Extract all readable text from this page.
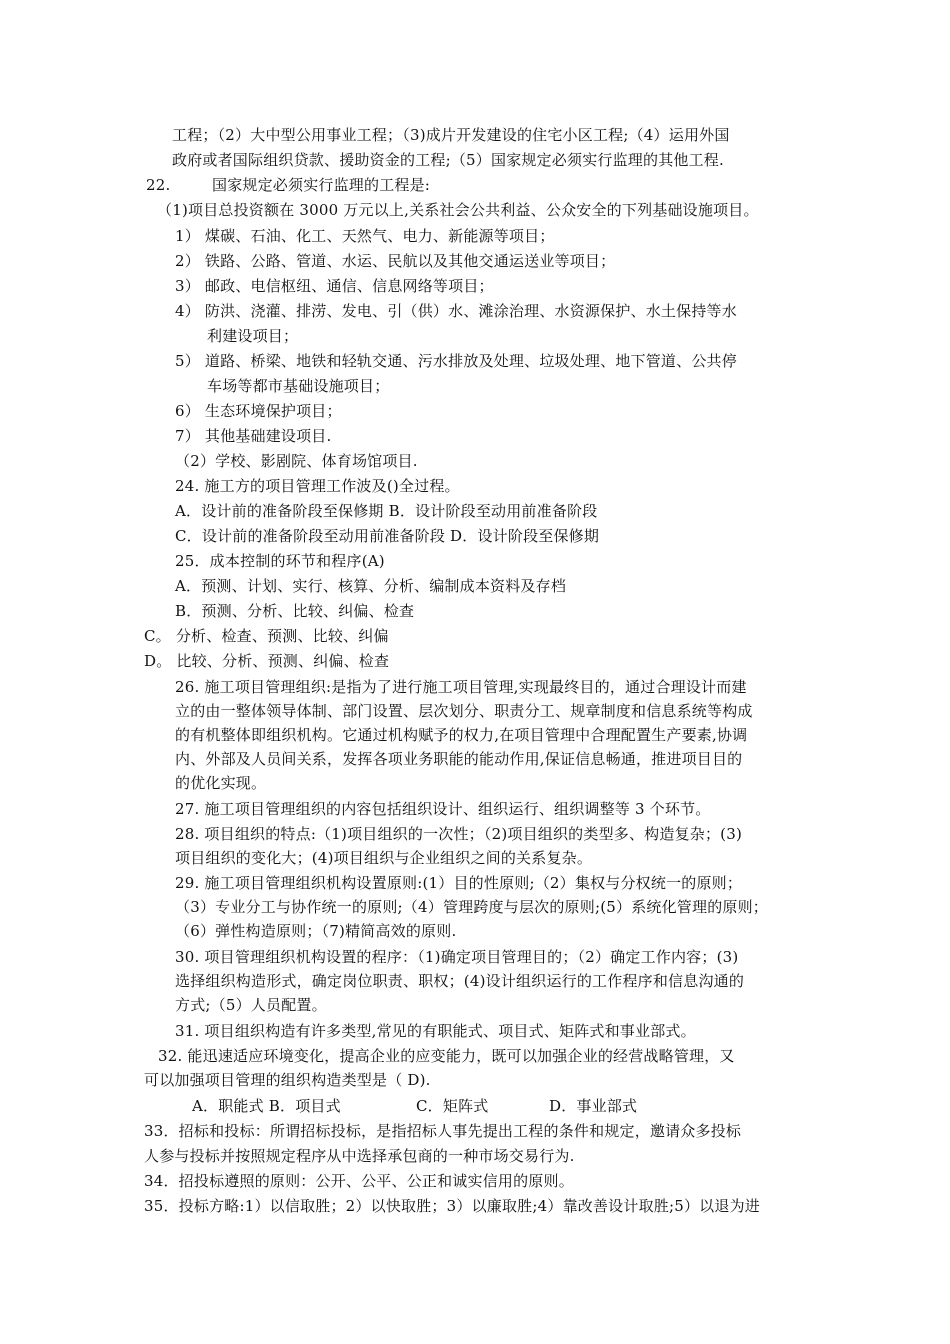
工程；（2）大中型公用事业工程；（3)成片开发建设的住宅小区工程;（4）运用外国
政府或者国际组织贷款、援助资金的工程;（5）国家规定必须实行监理的其他工程.
22.	国家规定必须实行监理的工程是:
（1)项目总投资额在 3000 万元以上,关系社会公共利益、公众安全的下列基础设施项目。
1） 煤碳、石油、化工、天然气、电力、新能源等项目；
2） 铁路、公路、管道、水运、民航以及其他交通运送业等项目；
3） 邮政、电信枢纽、通信、信息网络等项目；
4） 防洪、浇灌、排涝、发电、引（供）水、滩涂治理、水资源保护、水土保持等水
利建设项目；
5） 道路、桥梁、地铁和轻轨交通、污水排放及处理、垃圾处理、地下管道、公共停
车场等都市基础设施项目；
6） 生态环境保护项目；
7） 其他基础建设项目.
（2）学校、影剧院、体育场馆项目.
24. 施工方的项目管理工作波及()全过程。
A．设计前的准备阶段至保修期 B．设计阶段至动用前准备阶段
C．设计前的准备阶段至动用前准备阶段 D．设计阶段至保修期
25．成本控制的环节和程序(A)
A．预测、计划、实行、核算、分析、编制成本资料及存档
B．预测、分析、比较、纠偏、检查
C。 分析、检查、预测、比较、纠偏
D。 比较、分析、预测、纠偏、检查
26. 施工项目管理组织:是指为了进行施工项目管理,实现最终目的，通过合理设计而建
立的由一整体领导体制、部门设置、层次划分、职责分工、规章制度和信息系统等构成
的有机整体即组织机构。它通过机构赋予的权力,在项目管理中合理配置生产要素,协调
内、外部及人员间关系，发挥各项业务职能的能动作用,保证信息畅通，推进项目目的
的优化实现。
27. 施工项目管理组织的内容包括组织设计、组织运行、组织调整等 3 个环节。
28. 项目组织的特点:（1)项目组织的一次性；（2)项目组织的类型多、构造复杂；(3)
项目组织的变化大；(4)项目组织与企业组织之间的关系复杂。
29. 施工项目管理组织机构设置原则:(1）目的性原则;（2）集权与分权统一的原则；
（3）专业分工与协作统一的原则;（4）管理跨度与层次的原则;(5）系统化管理的原则；
（6）弹性构造原则；（7)精简高效的原则.
30. 项目管理组织机构设置的程序：（1)确定项目管理目的；（2）确定工作内容；(3)
选择组织构造形式，确定岗位职责、职权；(4)设计组织运行的工作程序和信息沟通的
方式;（5）人员配置。
31. 项目组织构造有许多类型,常见的有职能式、项目式、矩阵式和事业部式。
32. 能迅速适应环境变化，提高企业的应变能力，既可以加强企业的经营战略管理，又
可以加强项目管理的组织构造类型是（ D).
A．职能式 B．项目式	C．矩阵式	D．事业部式
33．招标和投标：所谓招标投标，是指招标人事先提出工程的条件和规定，邀请众多投标
人参与投标并按照规定程序从中选择承包商的一种市场交易行为.
34．招投标遵照的原则：公开、公平、公正和诚实信用的原则。
35．投标方略:1）以信取胜；2）以快取胜；3）以廉取胜;4）靠改善设计取胜;5）以退为进
